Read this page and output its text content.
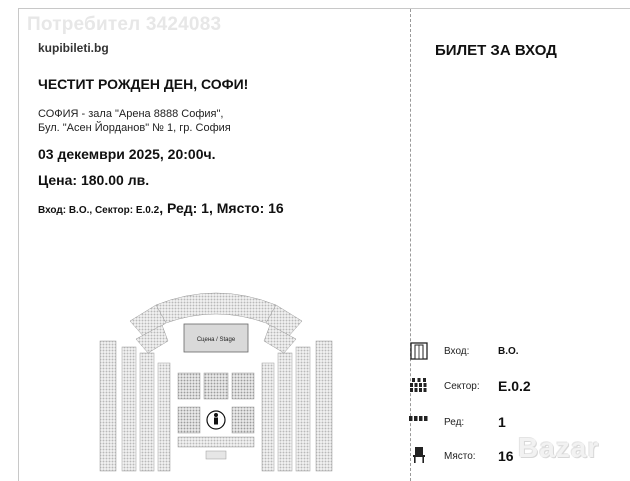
Потребител 3424083
kupibileti.bg	БИЛЕТ ЗА ВХОД
ЧЕСТИТ РОЖДЕН ДЕН, СОФИ!
СОФИЯ - зала "Арена 8888 София",
Бул. "Асен Йорданов" № 1, гр. София
03 декември 2025, 20:00ч.
Цена: 180.00 лв.
Вход: В.О., Сектор: Е.0.2, Ред: 1, Място: 16
Сцена / Stage
Вход:	В.О.
Сектор: Е.0.2
Ред: 1
Място: 16 Bazar
